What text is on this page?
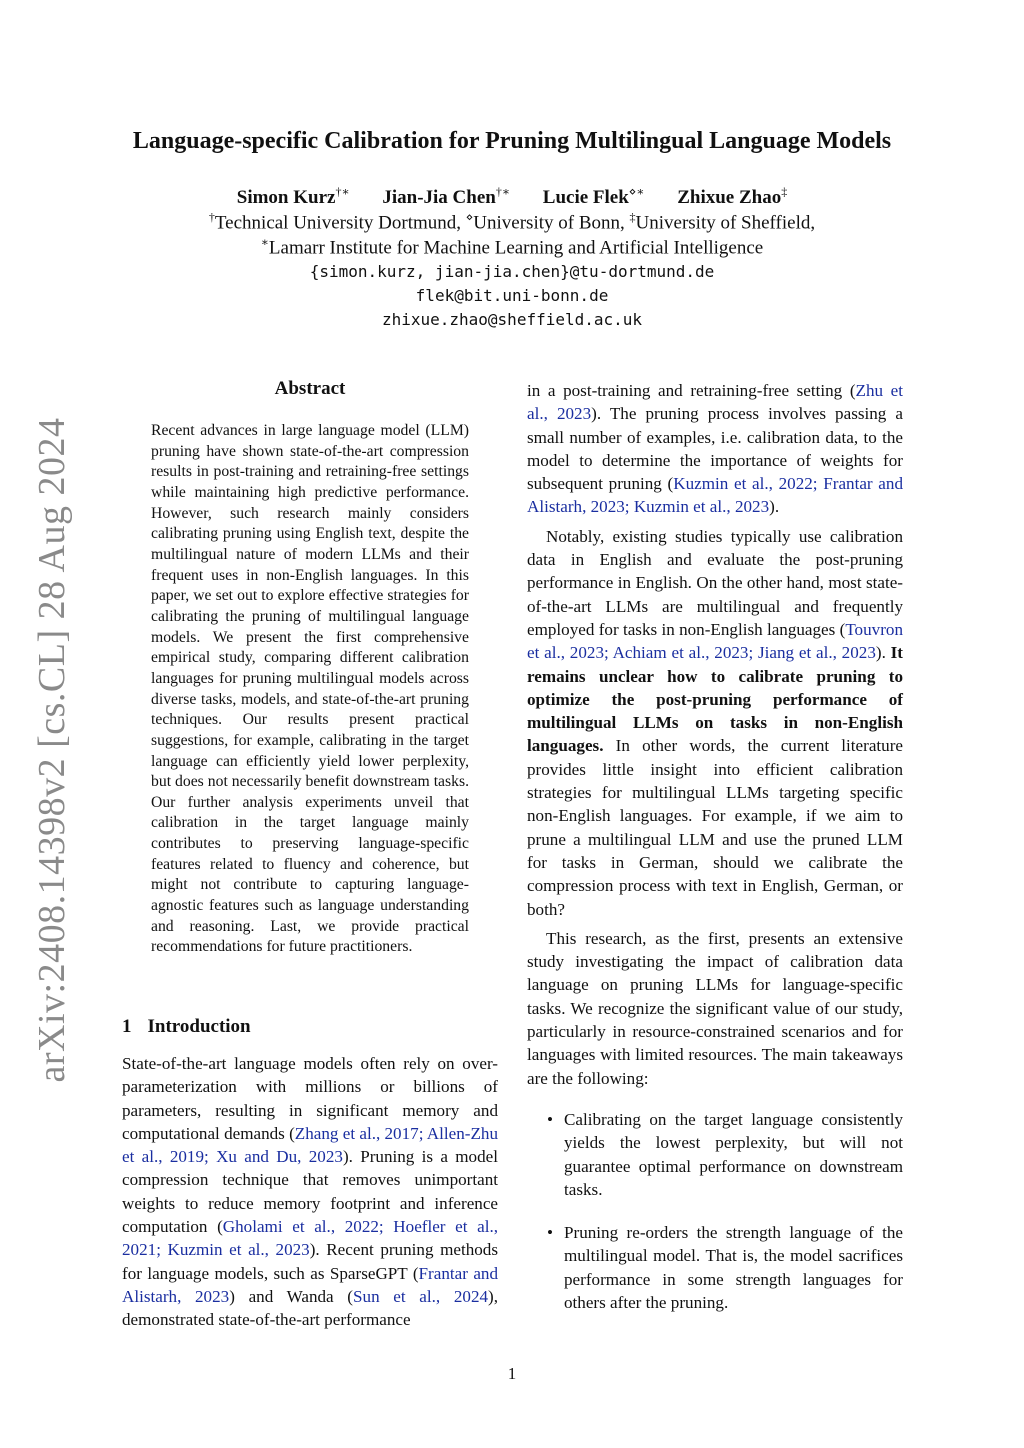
arXiv:2408.14398v2 [cs.CL] 28 Aug 2024
Language-specific Calibration for Pruning Multilingual Language Models
Simon Kurz†∗ Jian-Jia Chen†∗ Lucie Flek⋄∗ Zhixue Zhao‡
†Technical University Dortmund, ⋄University of Bonn, ‡University of Sheffield,
∗Lamarr Institute for Machine Learning and Artificial Intelligence
{simon.kurz, jian-jia.chen}@tu-dortmund.de
flek@bit.uni-bonn.de
zhixue.zhao@sheffield.ac.uk
Abstract

Recent advances in large language model (LLM) pruning have shown state-of-the-art compression results in post-training and retraining-free settings while maintaining high predictive performance. However, such research mainly considers calibrating pruning using English text, despite the multilingual nature of modern LLMs and their frequent uses in non-English languages. In this paper, we set out to explore effective strategies for calibrating the pruning of multilingual language models. We present the first comprehensive empirical study, comparing different calibration languages for pruning multilingual models across diverse tasks, models, and state-of-the-art pruning techniques. Our results present practical suggestions, for example, calibrating in the target language can efficiently yield lower perplexity, but does not necessarily benefit downstream tasks. Our further analysis experiments unveil that calibration in the target language mainly contributes to preserving language-specific features related to fluency and coherence, but might not contribute to capturing language-agnostic features such as language understanding and reasoning. Last, we provide practical recommendations for future practitioners.

1 Introduction

State-of-the-art language models often rely on over-parameterization with millions or billions of parameters, resulting in significant memory and computational demands (Zhang et al., 2017; Allen-Zhu et al., 2019; Xu and Du, 2023). Pruning is a model compression technique that removes unimportant weights to reduce memory footprint and inference computation (Gholami et al., 2022; Hoefler et al., 2021; Kuzmin et al., 2023). Recent pruning methods for language models, such as SparseGPT (Frantar and Alistarh, 2023) and Wanda (Sun et al., 2024), demonstrated state-of-the-art performance

in a post-training and retraining-free setting (Zhu et al., 2023). The pruning process involves passing a small number of examples, i.e. calibration data, to the model to determine the importance of weights for subsequent pruning (Kuzmin et al., 2022; Frantar and Alistarh, 2023; Kuzmin et al., 2023).

Notably, existing studies typically use calibration data in English and evaluate the post-pruning performance in English. On the other hand, most state-of-the-art LLMs are multilingual and frequently employed for tasks in non-English languages (Touvron et al., 2023; Achiam et al., 2023; Jiang et al., 2023). It remains unclear how to calibrate pruning to optimize the post-pruning performance of multilingual LLMs on tasks in non-English languages. In other words, the current literature provides little insight into efficient calibration strategies for multilingual LLMs targeting specific non-English languages. For example, if we aim to prune a multilingual LLM and use the pruned LLM for tasks in German, should we calibrate the compression process with text in English, German, or both?

This research, as the first, presents an extensive study investigating the impact of calibration data language on pruning LLMs for language-specific tasks. We recognize the significant value of our study, particularly in resource-constrained scenarios and for languages with limited resources. The main takeaways are the following:

• Calibrating on the target language consistently yields the lowest perplexity, but will not guarantee optimal performance on downstream tasks.
• Pruning re-orders the strength language of the multilingual model. That is, the model sacrifices performance in some strength languages for others after the pruning.
1
